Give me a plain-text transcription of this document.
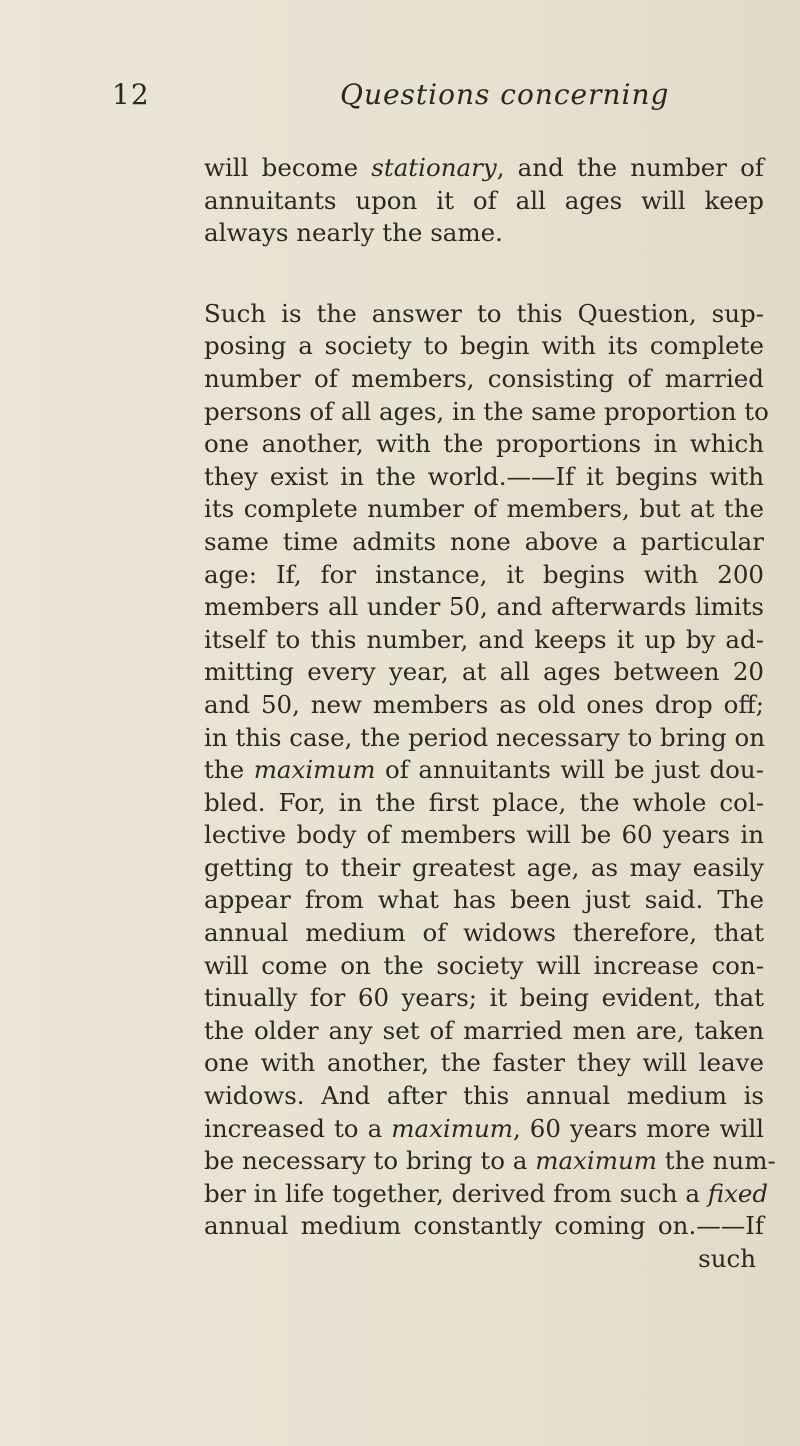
12	Questions concerning
will become stationary, and the number of
annuitants upon it of all ages will keep
always nearly the same.
Such is the answer to this Question, sup-
posing a society to begin with its complete
number of members, consisting of married
persons of all ages, in the same proportion to
one another, with the proportions in which
they exist in the world.——If it begins with
its complete number of members, but at the
same time admits none above a particular
age: If, for instance, it begins with 200
members all under 50, and afterwards limits
itself to this number, and keeps it up by ad-
mitting every year, at all ages between 20
and 50, new members as old ones drop off;
in this case, the period necessary to bring on
the maximum of annuitants will be just dou-
bled. For, in the first place, the whole col-
lective body of members will be 60 years in
getting to their greatest age, as may easily
appear from what has been just said. The
annual medium of widows therefore, that
will come on the society will increase con-
tinually for 60 years; it being evident, that
the older any set of married men are, taken
one with another, the faster they will leave
widows. And after this annual medium is
increased to a maximum, 60 years more will
be necessary to bring to a maximum the num-
ber in life together, derived from such a fixed
annual medium constantly coming on.——If
such
